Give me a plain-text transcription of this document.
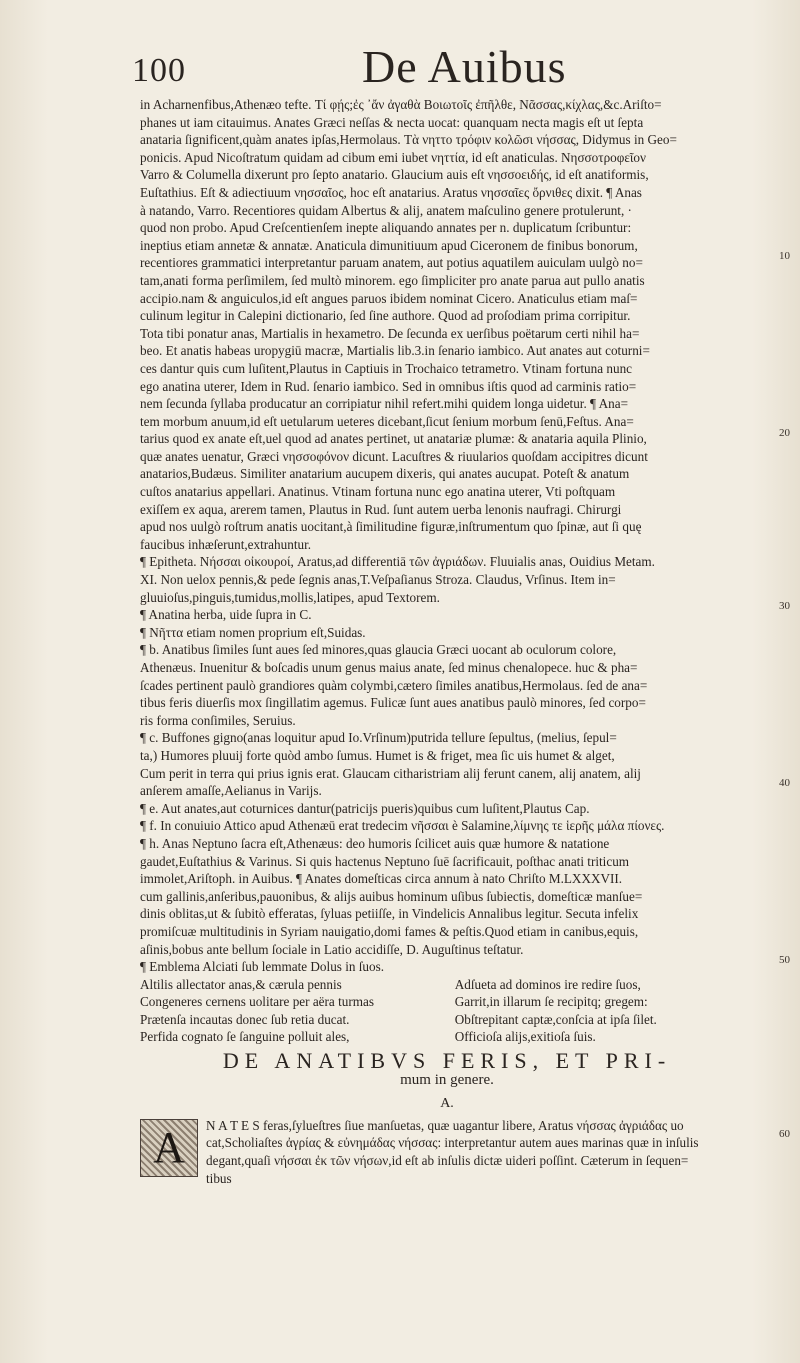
100	De Auibus
10
20
30
40
50
60
in Acharnenfibus,Athenæo tefte. Τί φῄς;ἐς ᾿ἄν ἀγαθὰ Βοιωτοῖς ἐπῆλθε, Νᾶσσας,κίχλας,&c.Ariſto=
phanes ut iam citauimus. Anates Græci neſſas & necta uocat: quanquam necta magis eſt ut ſepta
anataria ſignificent,quàm anates ipſas,Hermolaus. Τὰ νηττο τρόφιν κολῶσι νήσσας, Didymus in Geo=
ponicis. Apud Nicoſtratum quidam ad cibum emi iubet νηττία, id eſt anaticulas. Νησσοτροφεῖον
Varro & Columella dixerunt pro ſepto anatario. Glaucium auis eſt νησσοειδής, id eſt anatiformis,
Euſtathius. Eſt & adiectiuum νησσαῖος, hoc eſt anatarius. Aratus νησσαῖες ὄρνιθες dixit. ¶ Anas
à natando, Varro. Recentiores quidam Albertus & alij, anatem maſculino genere protulerunt, ·
quod non probo. Apud Creſcentienſem inepte aliquando annates per n. duplicatum ſcribuntur:
ineptius etiam annetæ & annatæ. Anaticula dimunitiuum apud Ciceronem de finibus bonorum,
recentiores grammatici interpretantur paruam anatem, aut potius aquatilem auiculam uulgò no=
tam,anati forma perſimilem, ſed multò minorem. ego ſimpliciter pro anate parua aut pullo anatis
accipio.nam & anguiculos,id eſt angues paruos ibidem nominat Cicero. Anaticulus etiam maſ=
culinum legitur in Calepini dictionario, ſed ſine authore. Quod ad proſodiam prima corripitur.
Tota tibi ponatur anas, Martialis in hexametro. De ſecunda ex uerſibus poëtarum certi nihil ha=
beo. Et anatis habeas uropygiū macræ, Martialis lib.3.in ſenario iambico. Aut anates aut coturni=
ces dantur quis cum luſitent,Plautus in Captiuis in Trochaico tetrametro. Vtinam fortuna nunc
ego anatina uterer, Idem in Rud. ſenario iambico. Sed in omnibus iſtis quod ad carminis ratio=
nem ſecunda ſyllaba producatur an corripiatur nihil refert.mihi quidem longa uidetur. ¶ Ana=
tem morbum anuum,id eſt uetularum ueteres dicebant,ſicut ſenium morbum ſenū,Feſtus. Ana=
tarius quod ex anate eſt,uel quod ad anates pertinet, ut anatariæ plumæ: & anataria aquila Plinio,
quæ anates uenatur, Græci νησσοφόνον dicunt. Lacuſtres & riuularios quoſdam accipitres dicunt
anatarios,Budæus. Similiter anatarium aucupem dixeris, qui anates aucupat. Poteſt & anatum
cuſtos anatarius appellari. Anatinus. Vtinam fortuna nunc ego anatina uterer, Vti poſtquam
exiſſem ex aqua, arerem tamen, Plautus in Rud. ſunt autem uerba lenonis naufragi. Chirurgi
apud nos uulgò roſtrum anatis uocitant,à ſimilitudine figuræ,inſtrumentum quo ſpinæ, aut ſi quę
faucibus inhæſerunt,extrahuntur.
¶ Epitheta. Νήσσαι οἰκουροί, Aratus,ad differentiā τῶν ἀγριάδων. Fluuialis anas, Ouidius Metam.
XI. Non uelox pennis,& pede ſegnis anas,T.Veſpaſianus Stroza. Claudus, Vrſinus. Item in=
gluuioſus,pinguis,tumidus,mollis,latipes, apud Textorem.
¶ Anatina herba, uide ſupra in C.
¶ Νῆττα etiam nomen proprium eſt,Suidas.
¶ b. Anatibus ſimiles ſunt aues ſed minores,quas glaucia Græci uocant ab oculorum colore,
Athenæus. Inuenitur & boſcadis unum genus maius anate, ſed minus chenalopece. huc & pha=
ſcades pertinent paulò grandiores quàm colymbi,cætero ſimiles anatibus,Hermolaus. ſed de ana=
tibus feris diuerſis mox ſingillatim agemus. Fulicæ ſunt aues anatibus paulò minores, ſed corpo=
ris forma conſimiles, Seruius.
¶ c. Buffones gigno(anas loquitur apud Io.Vrſinum)putrida tellure ſepultus, (melius, ſepul=
ta,) Humores pluuij forte quòd ambo ſumus. Humet is & friget, mea ſic uis humet & alget,
Cum perit in terra qui prius ignis erat. Glaucam citharistriam alij ferunt canem, alij anatem, alij
anſerem amaſſe,Aelianus in Varijs.
¶ e. Aut anates,aut coturnices dantur(patricijs pueris)quibus cum luſitent,Plautus Cap.
¶ f. In conuiuio Attico apud Athenæū erat tredecim νῆσσαι è Salamine,λίμνης τε ἱερῆς μάλα πίονες.
¶ h. Anas Neptuno ſacra eſt,Athenæus: deo humoris ſcilicet auis quæ humore & natatione
gaudet,Euſtathius & Varinus. Si quis hactenus Neptuno ſuē ſacrificauit, poſthac anati triticum
immolet,Ariſtoph. in Auibus. ¶ Anates domeſticas circa annum à nato Chriſto M.LXXXVII.
cum gallinis,anſeribus,pauonibus, & alijs auibus hominum uſibus ſubiectis, domeſticæ manſue=
dinis oblitas,ut & ſubitò efferatas, ſyluas petiiſſe, in Vindelicis Annalibus legitur. Secuta infelix
promiſcuæ multitudinis in Syriam nauigatio,domi fames & peſtis.Quod etiam in canibus,equis,
aſinis,bobus ante bellum ſociale in Latio accidiſſe, D. Auguſtinus teſtatur.
¶ Emblema Alciati ſub lemmate Dolus in ſuos.
Altilis allectator anas,& cærula pennis
Congeneres cernens uolitare per aëra turmas
Prætenſa incautas donec ſub retia ducat.
Perfida cognato ſe ſanguine polluit ales,
Adſueta ad dominos ire redire ſuos,
Garrit,in illarum ſe recipitq; gregem:
Obſtrepitant captæ,conſcia at ipſa ſilet.
Officioſa alijs,exitioſa ſuis.
DE ANATIBVS FERIS, ET PRI-
mum in genere.
A.
A	N A T E S feras,ſylueſtres ſiue manſuetas, quæ uagantur libere, Aratus νήσσας ἀγριάδας uo
cat,Scholiaſtes ἀγρίας & εὐνημάδας νήσσας: interpretantur autem aues marinas quæ in inſulis
degant,quaſi νήσσαι ἐκ τῶν νήσων,id eſt ab inſulis dictæ uideri poſſint. Cæterum in ſequen=
tibus
